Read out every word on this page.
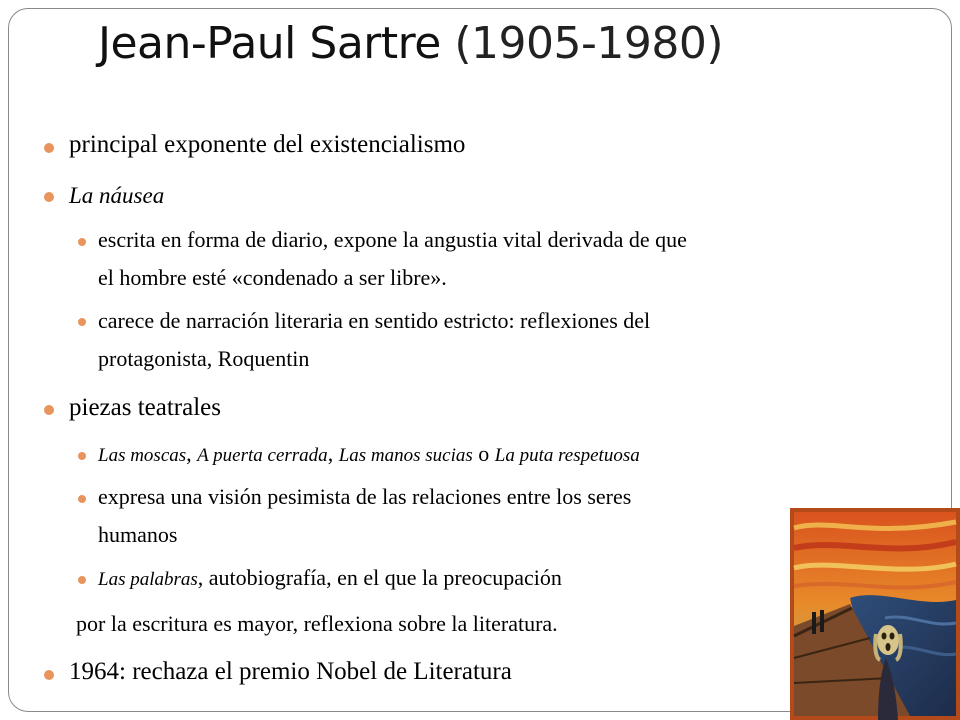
Jean-Paul Sartre (1905-1980)
principal exponente del existencialismo
La náusea
escrita en forma de diario, expone la angustia vital derivada de que
el hombre esté «condenado a ser libre».
carece de narración literaria en sentido estricto: reflexiones del
protagonista, Roquentin
piezas teatrales
Las moscas, A puerta cerrada, Las manos sucias o La puta respetuosa
expresa una visión pesimista de las relaciones entre los seres
humanos
Las palabras, autobiografía, en el que la preocupación
por la escritura es mayor, reflexiona sobre la literatura.
1964: rechaza el premio Nobel de Literatura
